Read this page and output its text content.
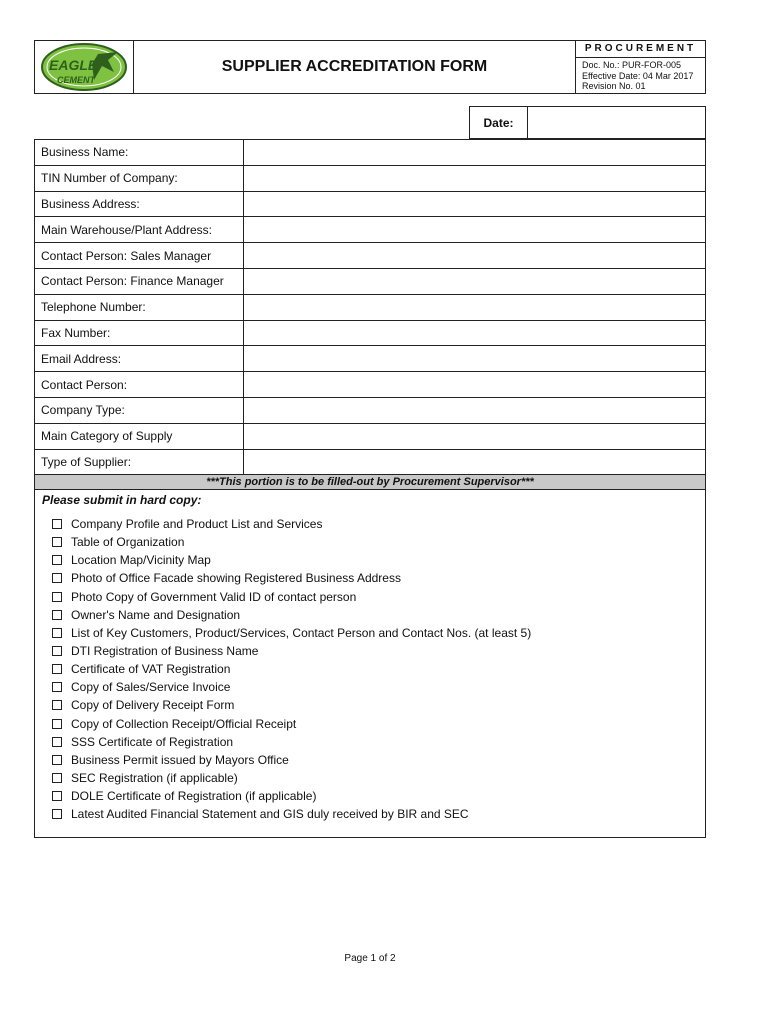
EAGLE
CEMENT
SUPPLIER ACCREDITATION FORM
PROCUREMENT
Doc. No.: PUR-FOR-005
Effective Date: 04 Mar 2017
Revision No. 01
Date:
Business Name:
TIN Number of Company:
Business Address:
Main Warehouse/Plant Address:
Contact Person: Sales Manager
Contact Person: Finance Manager
Telephone Number:
Fax Number:
Email Address:
Contact Person:
Company Type:
Main Category of Supply
Type of Supplier:
***This portion is to be filled-out by Procurement Supervisor***
Please submit in hard copy:
Company Profile and Product List and Services
Table of Organization
Location Map/Vicinity Map
Photo of Office Facade showing Registered Business Address
Photo Copy of Government Valid ID of contact person
Owner's Name and Designation
List of Key Customers, Product/Services, Contact Person and Contact Nos. (at least 5)
DTI Registration of Business Name
Certificate of VAT Registration
Copy of Sales/Service Invoice
Copy of Delivery Receipt Form
Copy of Collection Receipt/Official Receipt
SSS Certificate of Registration
Business Permit issued by Mayors Office
SEC Registration (if applicable)
DOLE Certificate of Registration (if applicable)
Latest Audited Financial Statement and GIS duly received by BIR and SEC
Page 1 of 2
